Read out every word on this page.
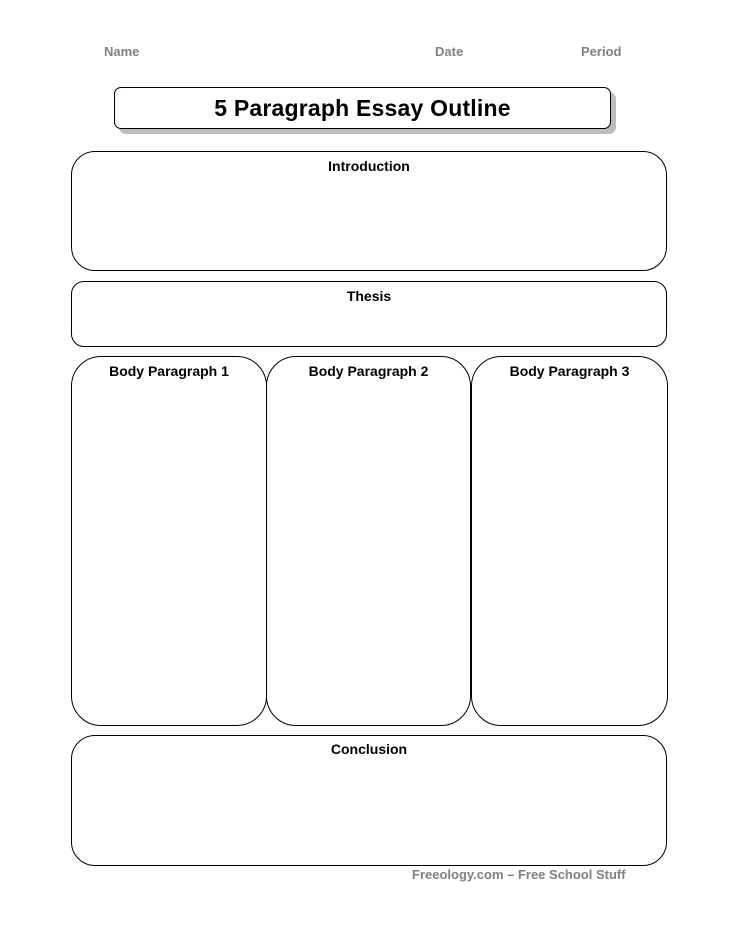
Name	Date	Period
5 Paragraph Essay Outline
Introduction
Thesis
Body Paragraph 1	Body Paragraph 2	Body Paragraph 3
Conclusion
Freeology.com – Free School Stuff
